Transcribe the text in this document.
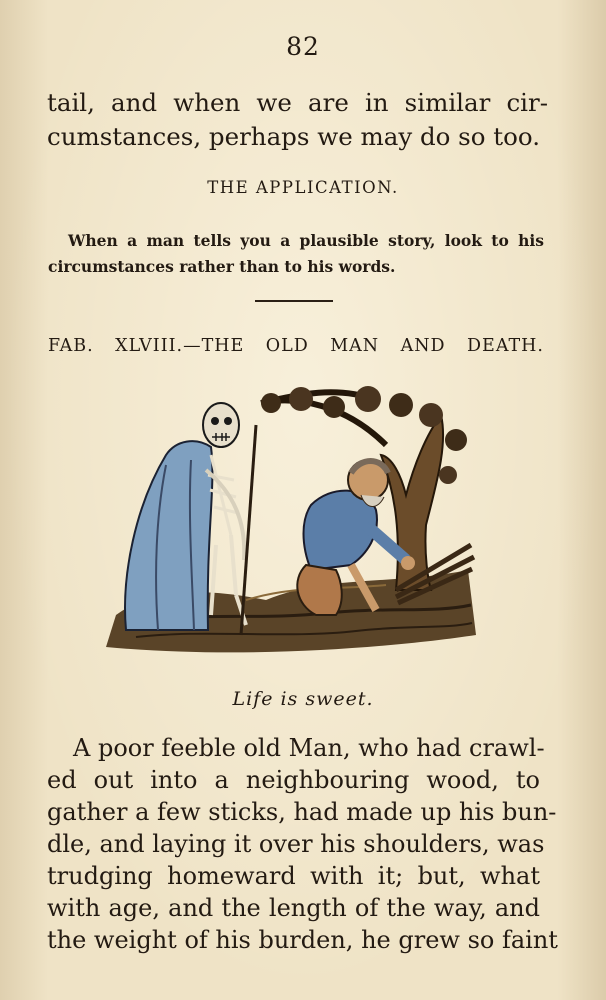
82
tail, and when we are in similar cir-
cumstances, perhaps we may do so too.
THE APPLICATION.
When a man tells you a plausible story, look to his
circumstances rather than to his words.
FAB. XLVIII.—THE OLD MAN AND DEATH.
Life is sweet.
A poor feeble old Man, who had crawl-
ed out into a neighbouring wood, to
gather a few sticks, had made up his bun-
dle, and laying it over his shoulders, was
trudging homeward with it; but, what
with age, and the length of the way, and
the weight of his burden, he grew so faint
